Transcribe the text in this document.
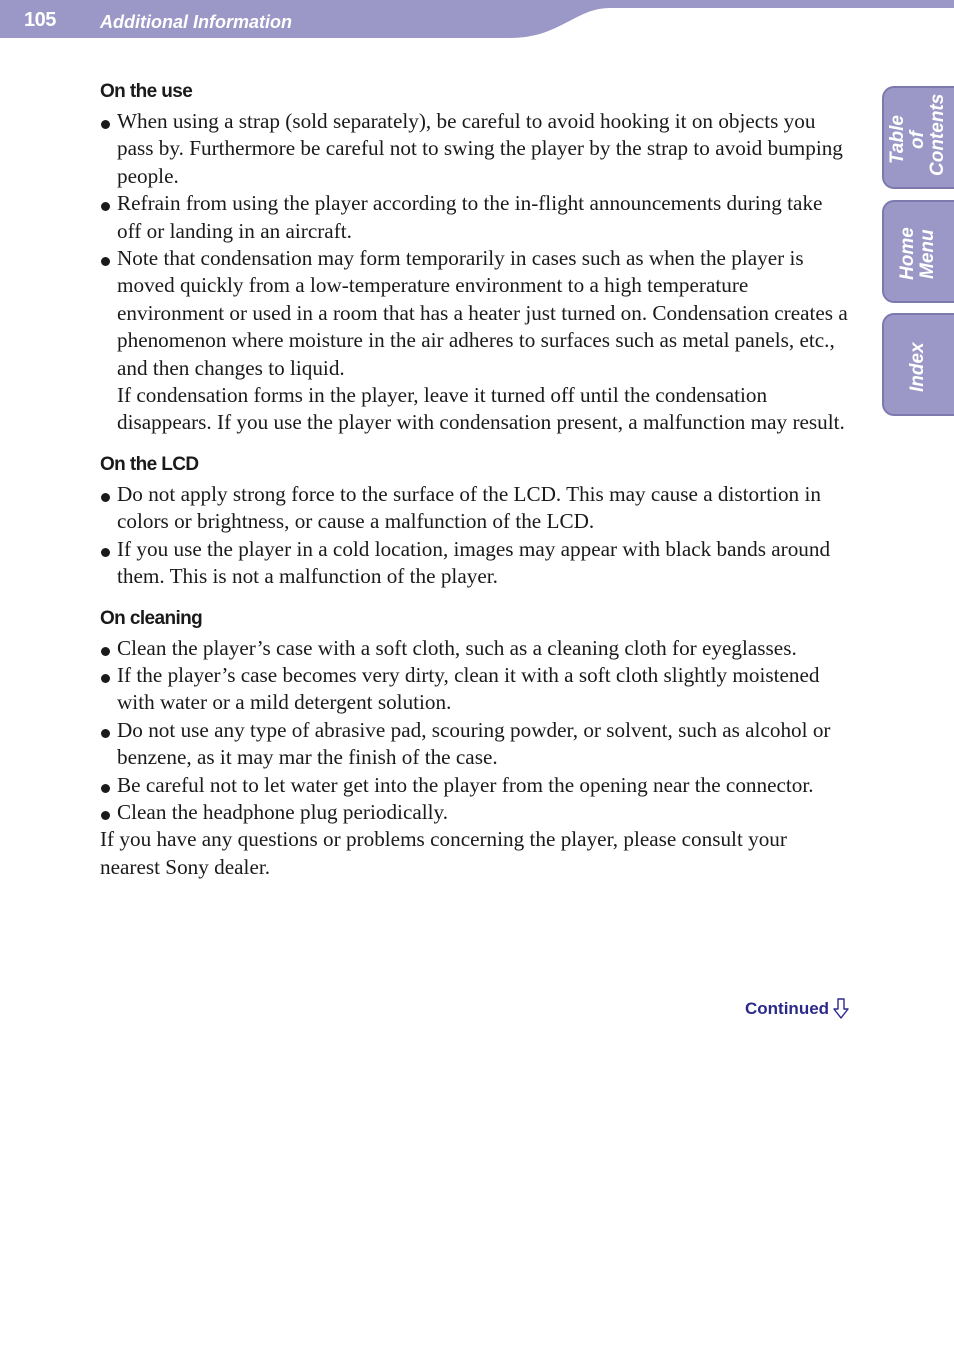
105 Additional Information
Table of Contents
Home Menu
Index
On the use
When using a strap (sold separately), be careful to avoid hooking it on objects you pass by. Furthermore be careful not to swing the player by the strap to avoid bumping people.
Refrain from using the player according to the in-flight announcements during take off or landing in an aircraft.
Note that condensation may form temporarily in cases such as when the player is moved quickly from a low-temperature environment to a high temperature environment or used in a room that has a heater just turned on. Condensation creates a phenomenon where moisture in the air adheres to surfaces such as metal panels, etc., and then changes to liquid.
If condensation forms in the player, leave it turned off until the condensation disappears. If you use the player with condensation present, a malfunction may result.
On the LCD
Do not apply strong force to the surface of the LCD. This may cause a distortion in colors or brightness, or cause a malfunction of the LCD.
If you use the player in a cold location, images may appear with black bands around them. This is not a malfunction of the player.
On cleaning
Clean the player’s case with a soft cloth, such as a cleaning cloth for eyeglasses.
If the player’s case becomes very dirty, clean it with a soft cloth slightly moistened with water or a mild detergent solution.
Do not use any type of abrasive pad, scouring powder, or solvent, such as alcohol or benzene, as it may mar the finish of the case.
Be careful not to let water get into the player from the opening near the connector.
Clean the headphone plug periodically.

If you have any questions or problems concerning the player, please consult your nearest Sony dealer.

Continued
